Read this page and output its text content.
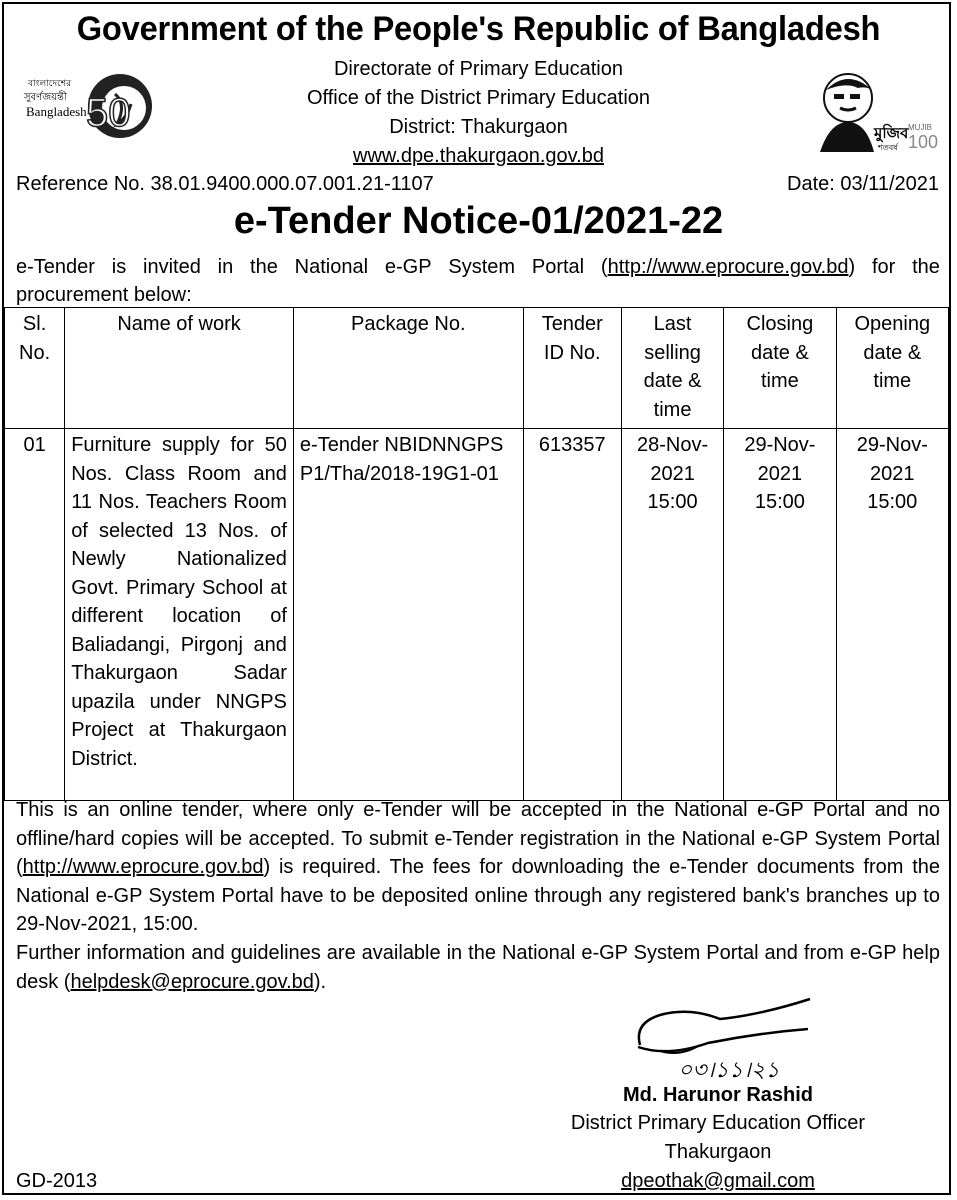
Government of the People's Republic of Bangladesh
Directorate of Primary Education
Office of the District Primary Education
District: Thakurgaon
www.dpe.thakurgaon.gov.bd
বাংলাদেশের
সুবর্ণজয়ন্তী
Bangladesh 50	মুজিব MUJIB
100
শতবর্ষ
Reference No. 38.01.9400.000.07.001.21-1107	Date: 03/11/2021
e-Tender Notice-01/2021-22
e-Tender is invited in the National e-GP System Portal (http://www.eprocure.gov.bd) for the
procurement below:
Sl. No.	Name of work	Package No.	Tender ID No.	Last selling date & time	Closing date & time	Opening date & time
01	Furniture supply for 50 Nos. Class Room and 11 Nos. Teachers Room of selected 13 Nos. of Newly Nationalized Govt. Primary School at different location of Baliadangi, Pirgonj and Thakurgaon Sadar upazila under NNGPS Project at Thakurgaon District.	e-Tender NBIDNNGPSP1/Tha/2018-19G1-01	613357	28-Nov-2021 15:00	29-Nov-2021 15:00	29-Nov-2021 15:00
This is an online tender, where only e-Tender will be accepted in the National e-GP Portal and no offline/hard copies will be accepted. To submit e-Tender registration in the National e-GP System Portal (http://www.eprocure.gov.bd) is required. The fees for downloading the e-Tender documents from the National e-GP System Portal have to be deposited online through any registered bank's branches up to 29-Nov-2021, 15:00.
Further information and guidelines are available in the National e-GP System Portal and from e-GP help desk (helpdesk@eprocure.gov.bd).
০৩।১১।২১
Md. Harunor Rashid
District Primary Education Officer
Thakurgaon
dpeothak@gmail.com
GD-2013
